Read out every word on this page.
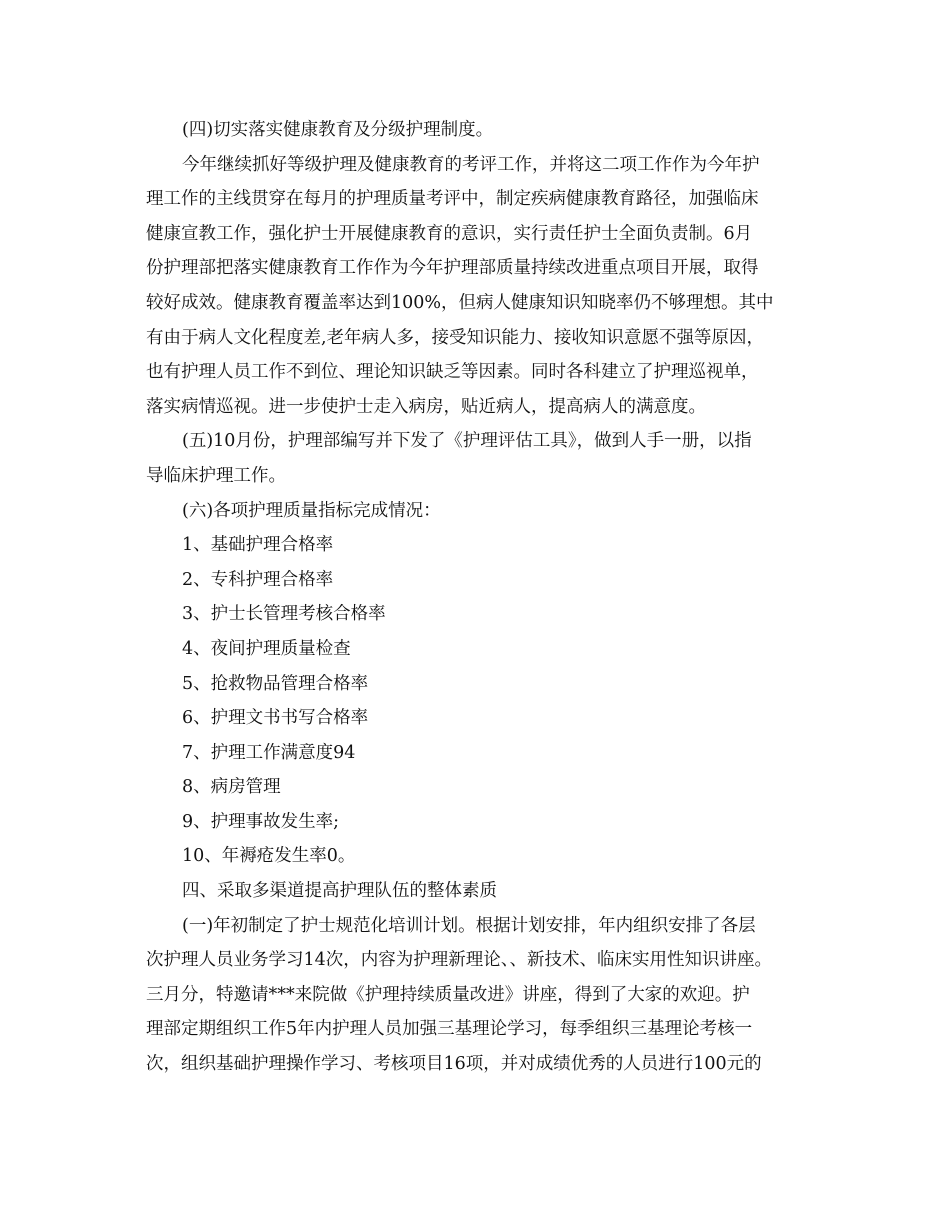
(四)切实落实健康教育及分级护理制度。
今年继续抓好等级护理及健康教育的考评工作，并将这二项工作作为今年护
理工作的主线贯穿在每月的护理质量考评中，制定疾病健康教育路径，加强临床
健康宣教工作，强化护士开展健康教育的意识，实行责任护士全面负责制。6月
份护理部把落实健康教育工作作为今年护理部质量持续改进重点项目开展，取得
较好成效。健康教育覆盖率达到100%，但病人健康知识知晓率仍不够理想。其中
有由于病人文化程度差,老年病人多，接受知识能力、接收知识意愿不强等原因，
也有护理人员工作不到位、理论知识缺乏等因素。同时各科建立了护理巡视单，
落实病情巡视。进一步使护士走入病房，贴近病人，提高病人的满意度。
(五)10月份，护理部编写并下发了《护理评估工具》，做到人手一册，以指
导临床护理工作。
(六)各项护理质量指标完成情况：
1、基础护理合格率
2、专科护理合格率
3、护士长管理考核合格率
4、夜间护理质量检查
5、抢救物品管理合格率
6、护理文书书写合格率
7、护理工作满意度94
8、病房管理
9、护理事故发生率;
10、年褥疮发生率0。
四、采取多渠道提高护理队伍的整体素质
(一)年初制定了护士规范化培训计划。根据计划安排，年内组织安排了各层
次护理人员业务学习14次，内容为护理新理论、、新技术、临床实用性知识讲座。
三月分，特邀请***来院做《护理持续质量改进》讲座，得到了大家的欢迎。护
理部定期组织工作5年内护理人员加强三基理论学习，每季组织三基理论考核一
次，组织基础护理操作学习、考核项目16项，并对成绩优秀的人员进行100元的
